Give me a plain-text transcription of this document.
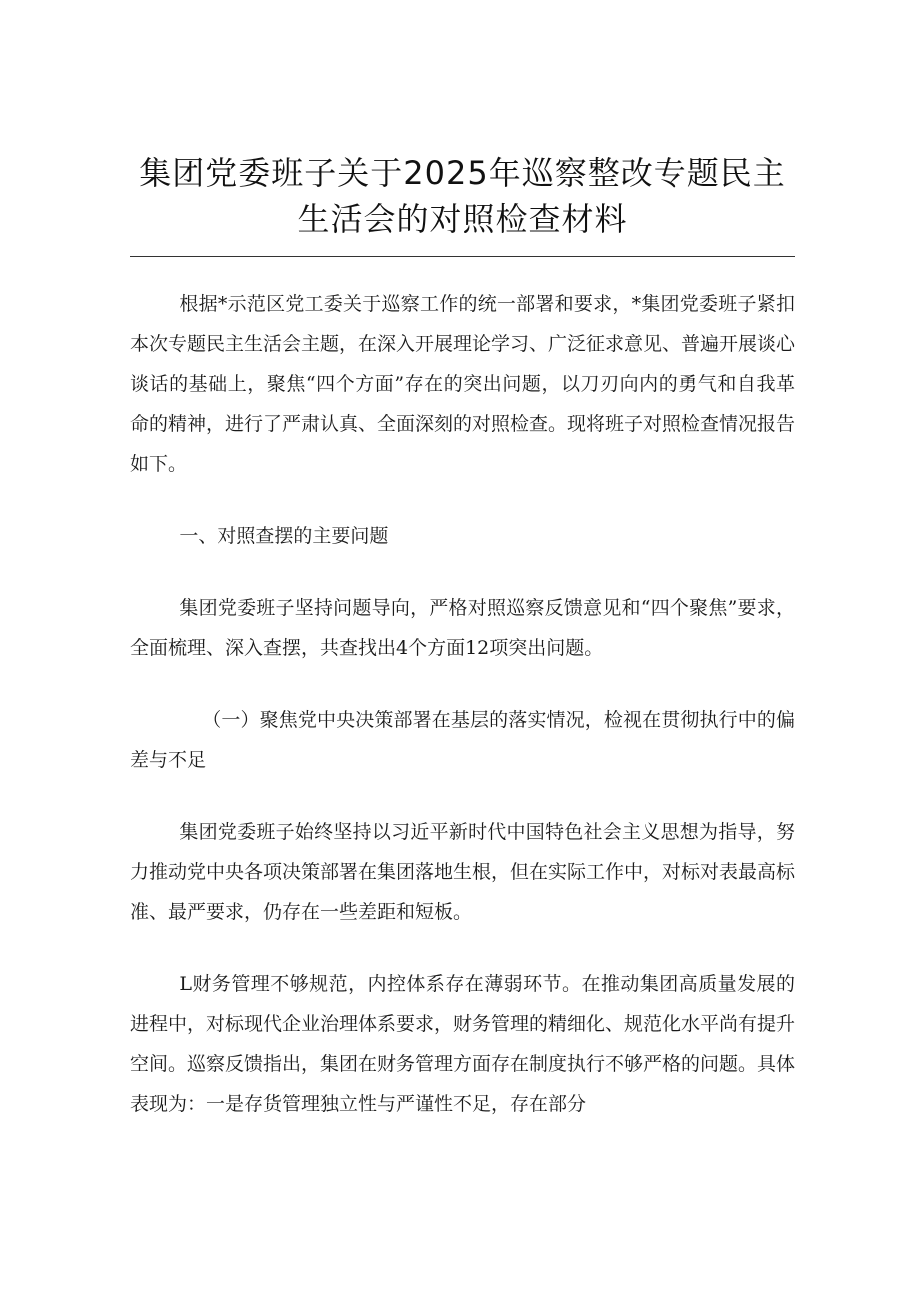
集团党委班子关于2025年巡察整改专题民主
生活会的对照检查材料

根据*示范区党工委关于巡察工作的统一部署和要求，*集团党委班子紧扣本次专题民主生活会主题，在深入开展理论学习、广泛征求意见、普遍开展谈心谈话的基础上，聚焦“四个方面”存在的突出问题，以刀刃向内的勇气和自我革命的精神，进行了严肃认真、全面深刻的对照检查。现将班子对照检查情况报告如下。

一、对照查摆的主要问题

集团党委班子坚持问题导向，严格对照巡察反馈意见和“四个聚焦”要求，全面梳理、深入查摆，共查找出4个方面12项突出问题。

（一）聚焦党中央决策部署在基层的落实情况，检视在贯彻执行中的偏差与不足

集团党委班子始终坚持以习近平新时代中国特色社会主义思想为指导，努力推动党中央各项决策部署在集团落地生根，但在实际工作中，对标对表最高标准、最严要求，仍存在一些差距和短板。

L财务管理不够规范，内控体系存在薄弱环节。在推动集团高质量发展的进程中，对标现代企业治理体系要求，财务管理的精细化、规范化水平尚有提升空间。巡察反馈指出，集团在财务管理方面存在制度执行不够严格的问题。具体表现为：一是存货管理独立性与严谨性不足，存在部分
